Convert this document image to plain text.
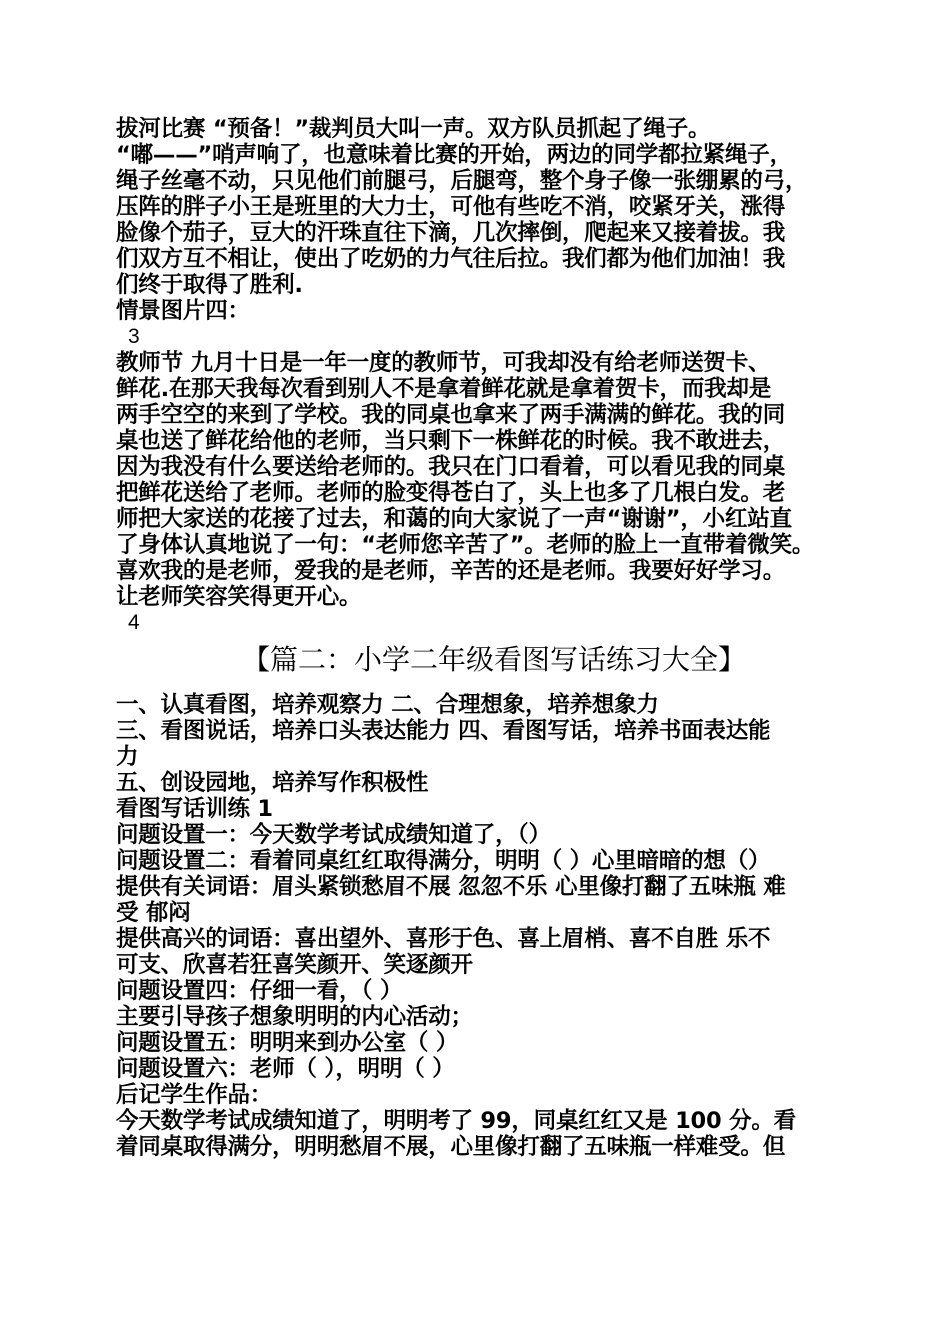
拔河比赛 “预备！”裁判员大叫一声。双方队员抓起了绳子。
“嘟——”哨声响了，也意味着比赛的开始，两边的同学都拉紧绳子，
绳子丝毫不动，只见他们前腿弓，后腿弯，整个身子像一张绷累的弓，
压阵的胖子小王是班里的大力士，可他有些吃不消，咬紧牙关，涨得
脸像个茄子，豆大的汗珠直往下滴，几次摔倒，爬起来又接着拔。我
们双方互不相让，使出了吃奶的力气往后拉。我们都为他们加油！我
们终于取得了胜利.
情景图片四：
3
教师节 九月十日是一年一度的教师节，可我却没有给老师送贺卡、
鲜花.在那天我每次看到别人不是拿着鲜花就是拿着贺卡，而我却是
两手空空的来到了学校。我的同桌也拿来了两手满满的鲜花。我的同
桌也送了鲜花给他的老师，当只剩下一株鲜花的时候。我不敢进去，
因为我没有什么要送给老师的。我只在门口看着，可以看见我的同桌
把鲜花送给了老师。老师的脸变得苍白了，头上也多了几根白发。老
师把大家送的花接了过去，和蔼的向大家说了一声“谢谢”，小红站直
了身体认真地说了一句：“老师您辛苦了”。老师的脸上一直带着微笑。
喜欢我的是老师，爱我的是老师，辛苦的还是老师。我要好好学习。
让老师笑容笑得更开心。
4
【篇二：小学二年级看图写话练习大全】
一、认真看图，培养观察力 二、合理想象，培养想象力
三、看图说话，培养口头表达能力 四、看图写话，培养书面表达能
力
五、创设园地，培养写作积极性
看图写话训练 1
问题设置一：今天数学考试成绩知道了，（）
问题设置二：看着同桌红红取得满分，明明（ ）心里暗暗的想（）
提供有关词语：眉头紧锁愁眉不展 忽忽不乐 心里像打翻了五味瓶 难
受 郁闷
提供高兴的词语：喜出望外、喜形于色、喜上眉梢、喜不自胜 乐不
可支、欣喜若狂喜笑颜开、笑逐颜开
问题设置四：仔细一看，（ ）
主要引导孩子想象明明的内心活动；
问题设置五：明明来到办公室（ ）
问题设置六：老师（ ），明明（ ）
后记学生作品：
今天数学考试成绩知道了，明明考了 99，同桌红红又是 100 分。看
着同桌取得满分，明明愁眉不展，心里像打翻了五味瓶一样难受。但
